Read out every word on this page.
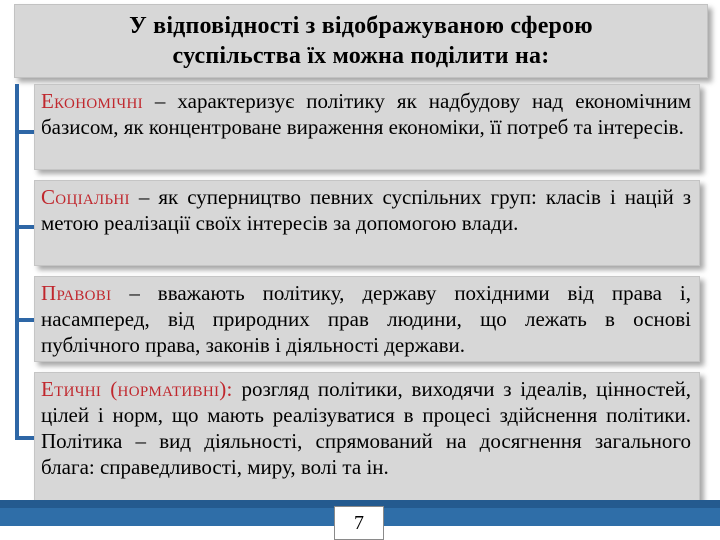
У відповідності з відображуваною сферою
суспільства їх можна поділити на:
Економічні – характеризує політику як надбудову над економічним базисом, як концентроване вираження економіки, її потреб та інтересів.
Соціальні – як суперництво певних суспільних груп: класів і націй з метою реалізації своїх інтересів за допомогою влади.
Правові – вважають політику, державу похідними від права і, насамперед, від природних прав людини, що лежать в основі публічного права, законів і діяльності держави.
Етичні (нормативні): розгляд політики, виходячи з ідеалів, цінностей, цілей і норм, що мають реалізуватися в процесі здійснення політики. Політика – вид діяльності, спрямований на досягнення загального блага: справедливості, миру, волі та ін.
7
